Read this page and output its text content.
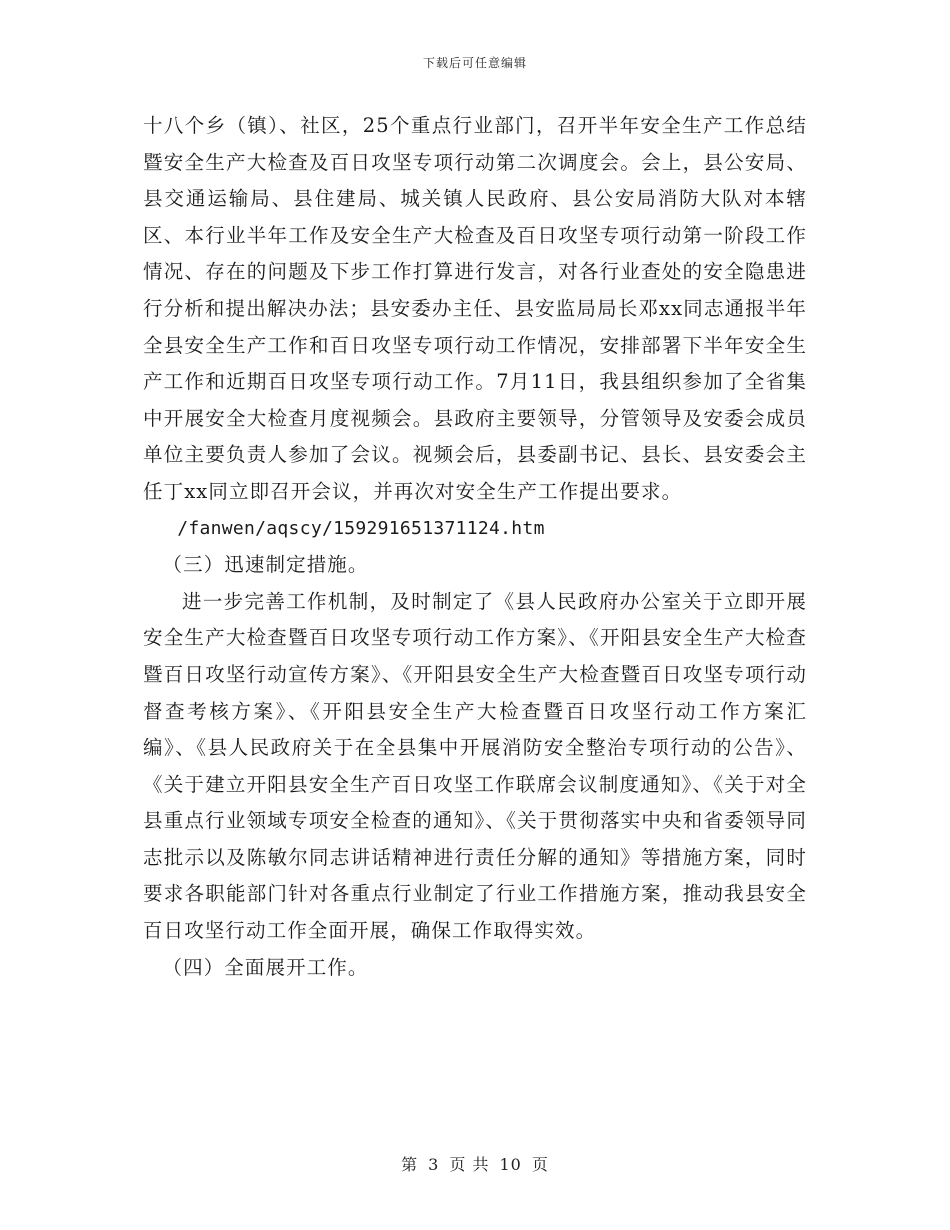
下载后可任意编辑

十八个乡（镇）、社区，25个重点行业部门，召开半年安全生产工作总结暨安全生产大检查及百日攻坚专项行动第二次调度会。会上，县公安局、县交通运输局、县住建局、城关镇人民政府、县公安局消防大队对本辖区、本行业半年工作及安全生产大检查及百日攻坚专项行动第一阶段工作情况、存在的问题及下步工作打算进行发言，对各行业查处的安全隐患进行分析和提出解决办法；县安委办主任、县安监局局长邓xx同志通报半年全县安全生产工作和百日攻坚专项行动工作情况，安排部署下半年安全生产工作和近期百日攻坚专项行动工作。7月11日，我县组织参加了全省集中开展安全大检查月度视频会。县政府主要领导，分管领导及安委会成员单位主要负责人参加了会议。视频会后，县委副书记、县长、县安委会主任丁xx同立即召开会议，并再次对安全生产工作提出要求。

/fanwen/aqscy/159291651371124.htm

（三）迅速制定措施。

进一步完善工作机制，及时制定了《县人民政府办公室关于立即开展安全生产大检查暨百日攻坚专项行动工作方案》、《开阳县安全生产大检查暨百日攻坚行动宣传方案》、《开阳县安全生产大检查暨百日攻坚专项行动督查考核方案》、《开阳县安全生产大检查暨百日攻坚行动工作方案汇编》、《县人民政府关于在全县集中开展消防安全整治专项行动的公告》、《关于建立开阳县安全生产百日攻坚工作联席会议制度通知》、《关于对全县重点行业领域专项安全检查的通知》、《关于贯彻落实中央和省委领导同志批示以及陈敏尔同志讲话精神进行责任分解的通知》等措施方案，同时要求各职能部门针对各重点行业制定了行业工作措施方案，推动我县安全百日攻坚行动工作全面开展，确保工作取得实效。

（四）全面展开工作。

第 3 页 共 10 页
